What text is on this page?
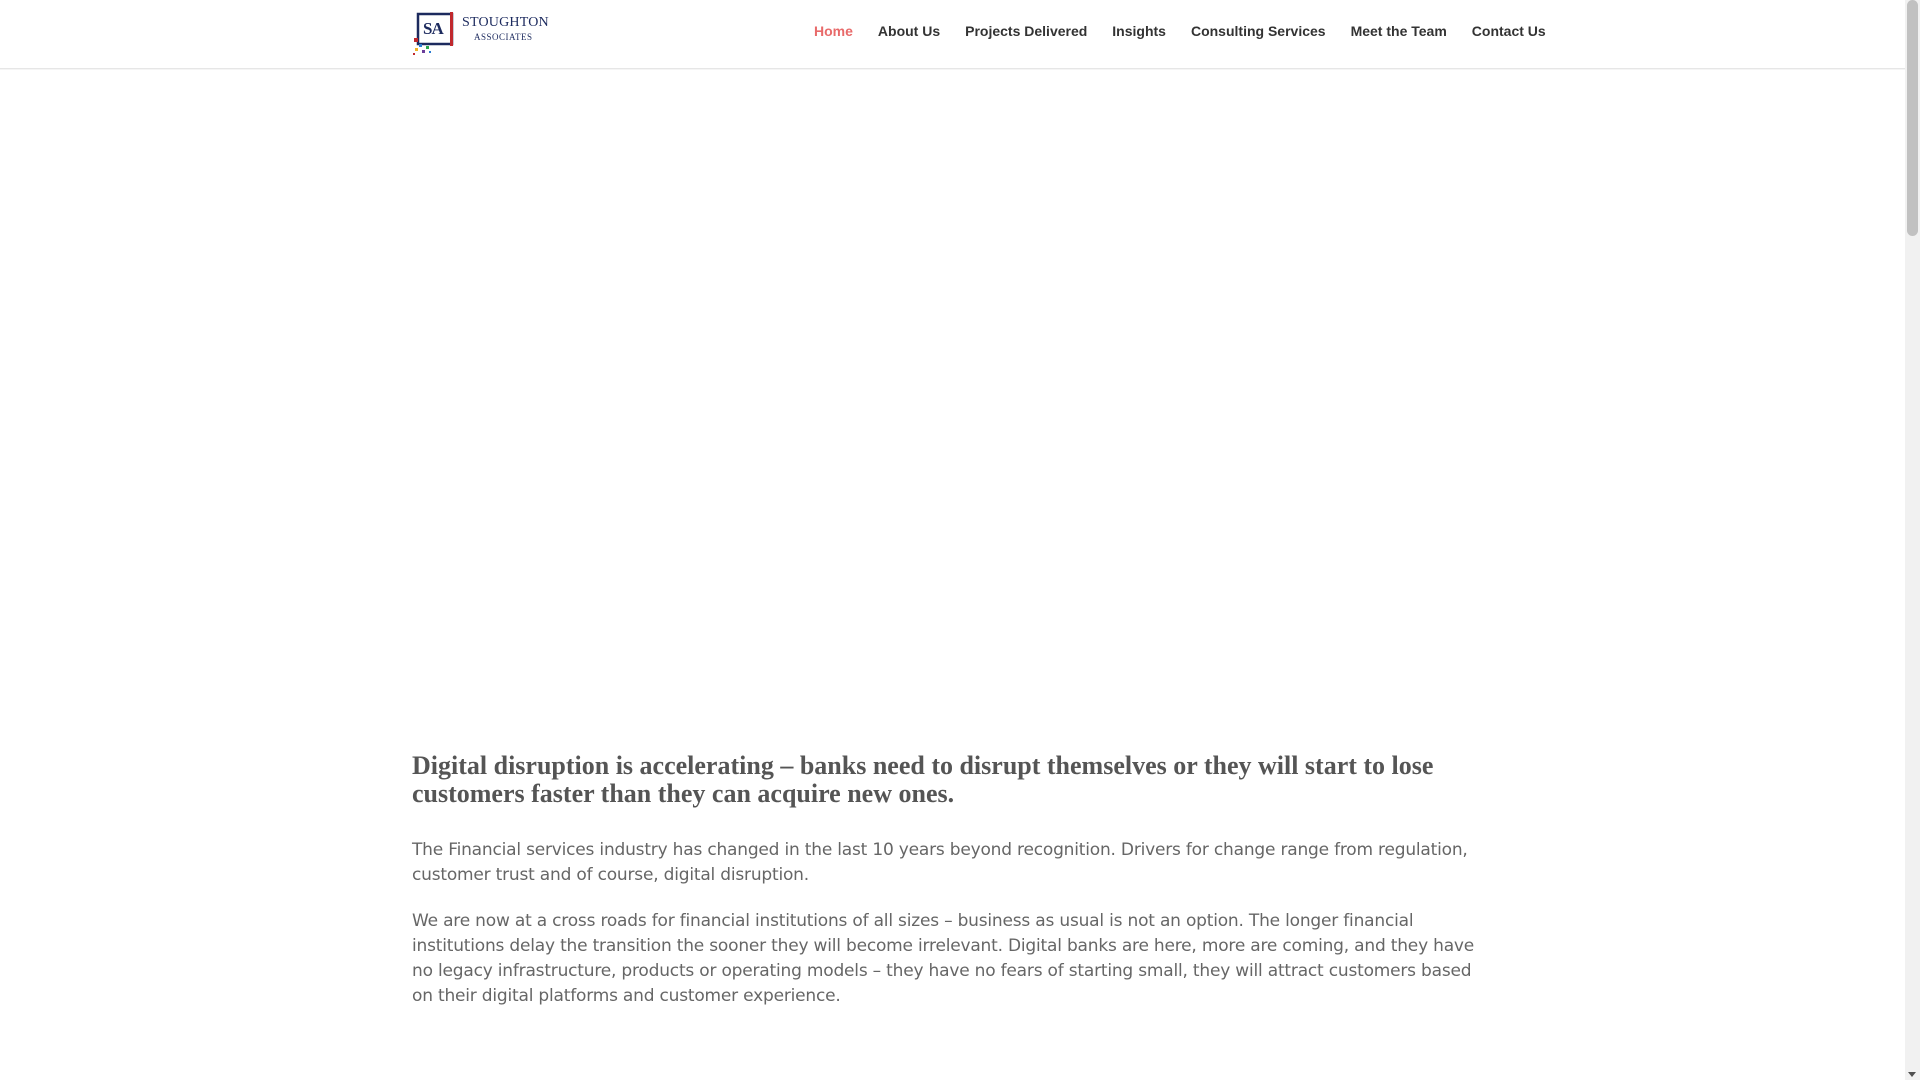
SA STOUGHTON
ASSOCIATES	Home About Us Projects Delivered Insights Consulting Services Meet the Team Contact Us
Digital disruption is accelerating – banks need to disrupt themselves or they will start to lose customers faster than they can acquire new ones.

The Financial services industry has changed in the last 10 years beyond recognition. Drivers for change range from regulation, customer trust and of course, digital disruption.

We are now at a cross roads for financial institutions of all sizes – business as usual is not an option. The longer financial institutions delay the transition the sooner they will become irrelevant. Digital banks are here, more are coming, and they have no legacy infrastructure, products or operating models – they have no fears of starting small, they will attract customers based on their digital platforms and customer experience.
